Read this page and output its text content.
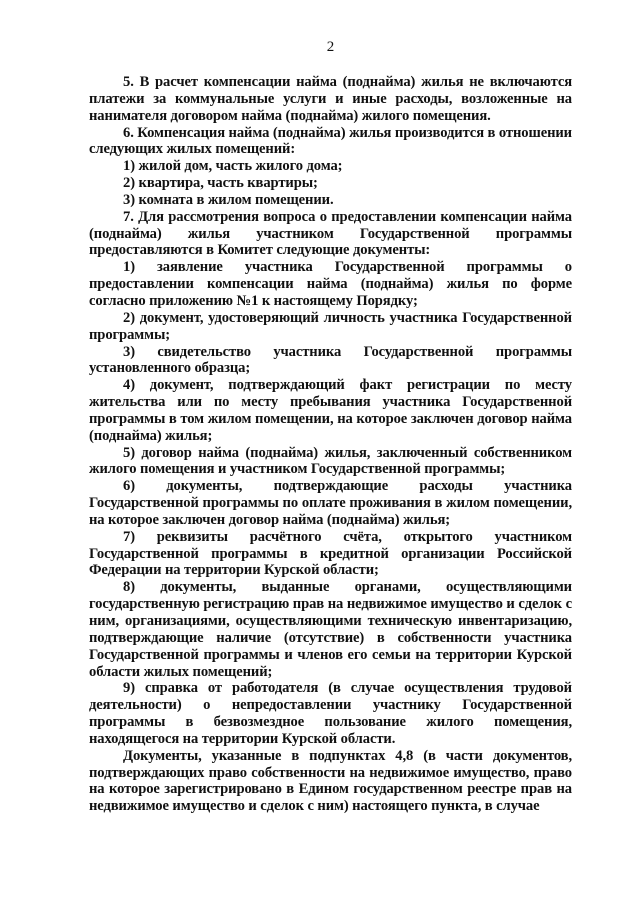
2

5. В расчет компенсации найма (поднайма) жилья не включаются платежи за коммунальные услуги и иные расходы, возложенные на нанимателя договором найма (поднайма) жилого помещения.

6. Компенсация найма (поднайма) жилья производится в отношении следующих жилых помещений:

1) жилой дом, часть жилого дома;

2) квартира, часть квартиры;

3) комната в жилом помещении.

7. Для рассмотрения вопроса о предоставлении компенсации найма (поднайма) жилья участником Государственной программы предоставляются в Комитет следующие документы:

1) заявление участника Государственной программы о предоставлении компенсации найма (поднайма) жилья по форме согласно приложению №1 к настоящему Порядку;

2) документ, удостоверяющий личность участника Государственной программы;

3) свидетельство участника Государственной программы установленного образца;

4) документ, подтверждающий факт регистрации по месту жительства или по месту пребывания участника Государственной программы в том жилом помещении, на которое заключен договор найма (поднайма) жилья;

5) договор найма (поднайма) жилья, заключенный собственником жилого помещения и участником Государственной программы;

6) документы, подтверждающие расходы участника Государственной программы по оплате проживания в жилом помещении, на которое заключен договор найма (поднайма) жилья;

7) реквизиты расчётного счёта, открытого участником Государственной программы в кредитной организации Российской Федерации на территории Курской области;

8) документы, выданные органами, осуществляющими государственную регистрацию прав на недвижимое имущество и сделок с ним, организациями, осуществляющими техническую инвентаризацию, подтверждающие наличие (отсутствие) в собственности участника Государственной программы и членов его семьи на территории Курской области жилых помещений;

9) справка от работодателя (в случае осуществления трудовой деятельности) о непредоставлении участнику Государственной программы в безвозмездное пользование жилого помещения, находящегося на территории Курской области.

Документы, указанные в подпунктах 4,8 (в части документов, подтверждающих право собственности на недвижимое имущество, право на которое зарегистрировано в Едином государственном реестре прав на недвижимое имущество и сделок с ним) настоящего пункта, в случае
